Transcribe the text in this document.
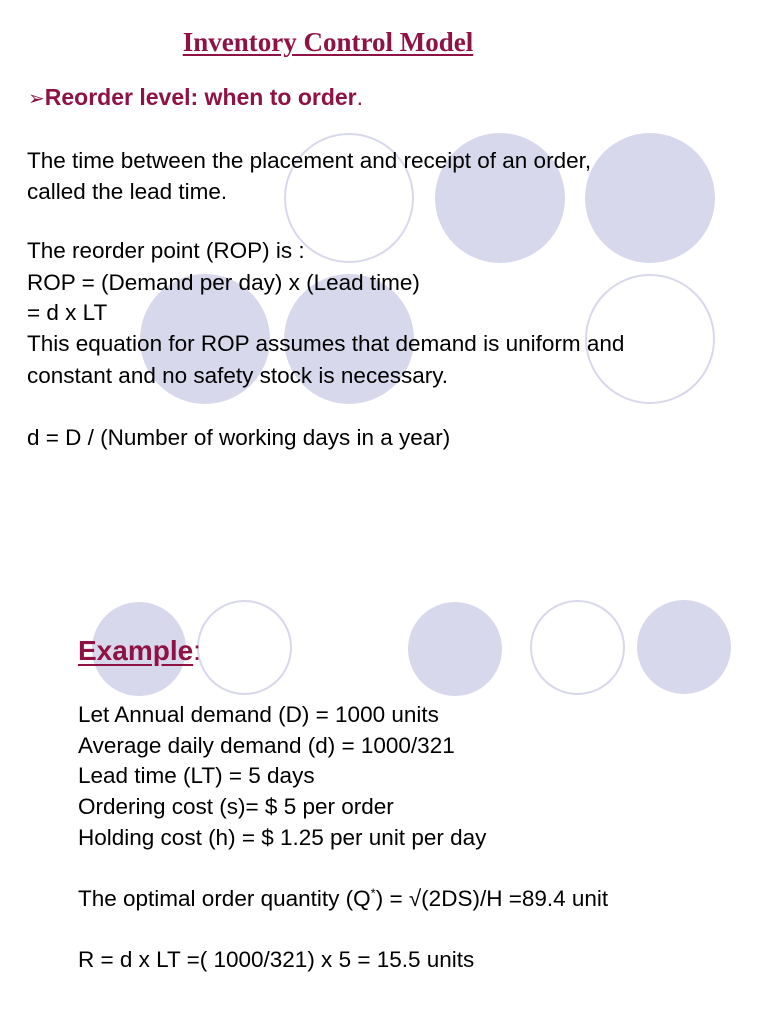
Inventory Control Model
➢Reorder level: when to order.
The time between the placement and receipt of an order,
called the lead time.
The reorder point (ROP) is :
ROP = (Demand per day) x (Lead time)
= d x LT
This equation for ROP assumes that demand is uniform and
constant and no safety stock is necessary.
d = D / (Number of working days in a year)
Example:
Let Annual demand (D) = 1000 units
Average daily demand (d) = 1000/321
Lead time (LT) = 5 days
Ordering cost (s)= $ 5 per order
Holding cost (h) = $ 1.25 per unit per day
The optimal order quantity (Q*) = √(2DS)/H =89.4 unit
R = d x LT =( 1000/321) x 5 = 15.5 units
